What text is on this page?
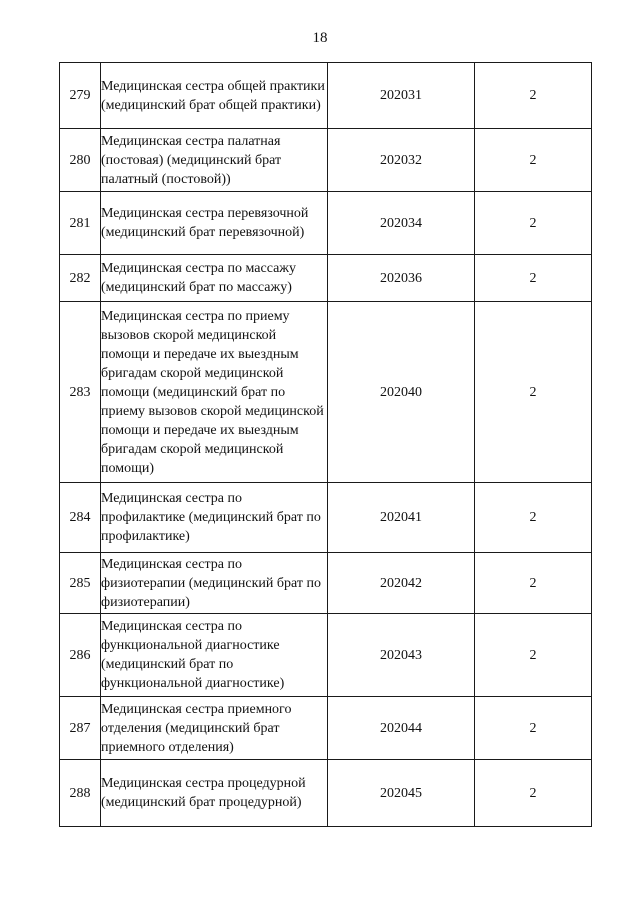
18
279	Медицинская сестра общей практики (медицинский брат общей практики)	202031	2
280	Медицинская сестра палатная (постовая) (медицинский брат палатный (постовой))	202032	2
281	Медицинская сестра перевязочной (медицинский брат перевязочной)	202034	2
282	Медицинская сестра по массажу (медицинский брат по массажу)	202036	2
283	Медицинская сестра по приему вызовов скорой медицинской помощи и передаче их выездным бригадам скорой медицинской помощи (медицинский брат по приему вызовов скорой медицинской помощи и передаче их выездным бригадам скорой медицинской помощи)	202040	2
284	Медицинская сестра по профилактике (медицинский брат по профилактике)	202041	2
285	Медицинская сестра по физиотерапии (медицинский брат по физиотерапии)	202042	2
286	Медицинская сестра по функциональной диагностике (медицинский брат по функциональной диагностике)	202043	2
287	Медицинская сестра приемного отделения (медицинский брат приемного отделения)	202044	2
288	Медицинская сестра процедурной (медицинский брат процедурной)	202045	2
